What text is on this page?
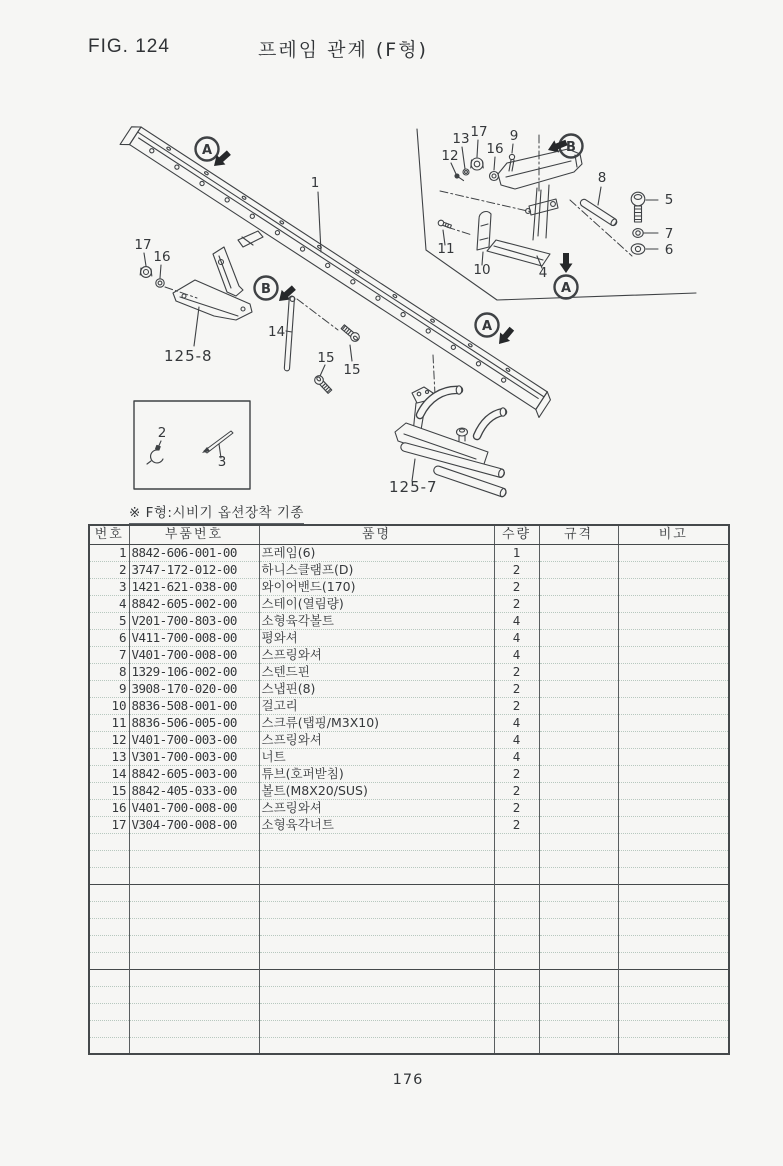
FIG. 124	프레임 관계 (F형)
A
B
A
B
A
1
17
16
125-8
14
15
15
2
3
125-7
12
13 17
16
9
8
5
7
6
11
10	4
※ F형:시비기 옵션장착 기종
번호	부품번호	품명	수량	규격	비고
1	8842-606-001-00	프레임(6)	1		
2	3747-172-012-00	하니스클램프(D)	2		
3	1421-621-038-00	와이어밴드(170)	2		
4	8842-605-002-00	스테이(열림량)	2		
5	V201-700-803-00	소형육각볼트	4		
6	V411-700-008-00	평와셔	4		
7	V401-700-008-00	스프링와셔	4		
8	1329-106-002-00	스텐드핀	2		
9	3908-170-020-00	스냅핀(8)	2		
10	8836-508-001-00	걸고리	2		
11	8836-506-005-00	스크류(탭핑/M3X10)	4		
12	V401-700-003-00	스프링와셔	4		
13	V301-700-003-00	너트	4		
14	8842-605-003-00	튜브(호퍼받침)	2		
15	8842-405-033-00	볼트(M8X20/SUS)	2		
16	V401-700-008-00	스프링와셔	2		
17	V304-700-008-00	소형육각너트	2		

176
